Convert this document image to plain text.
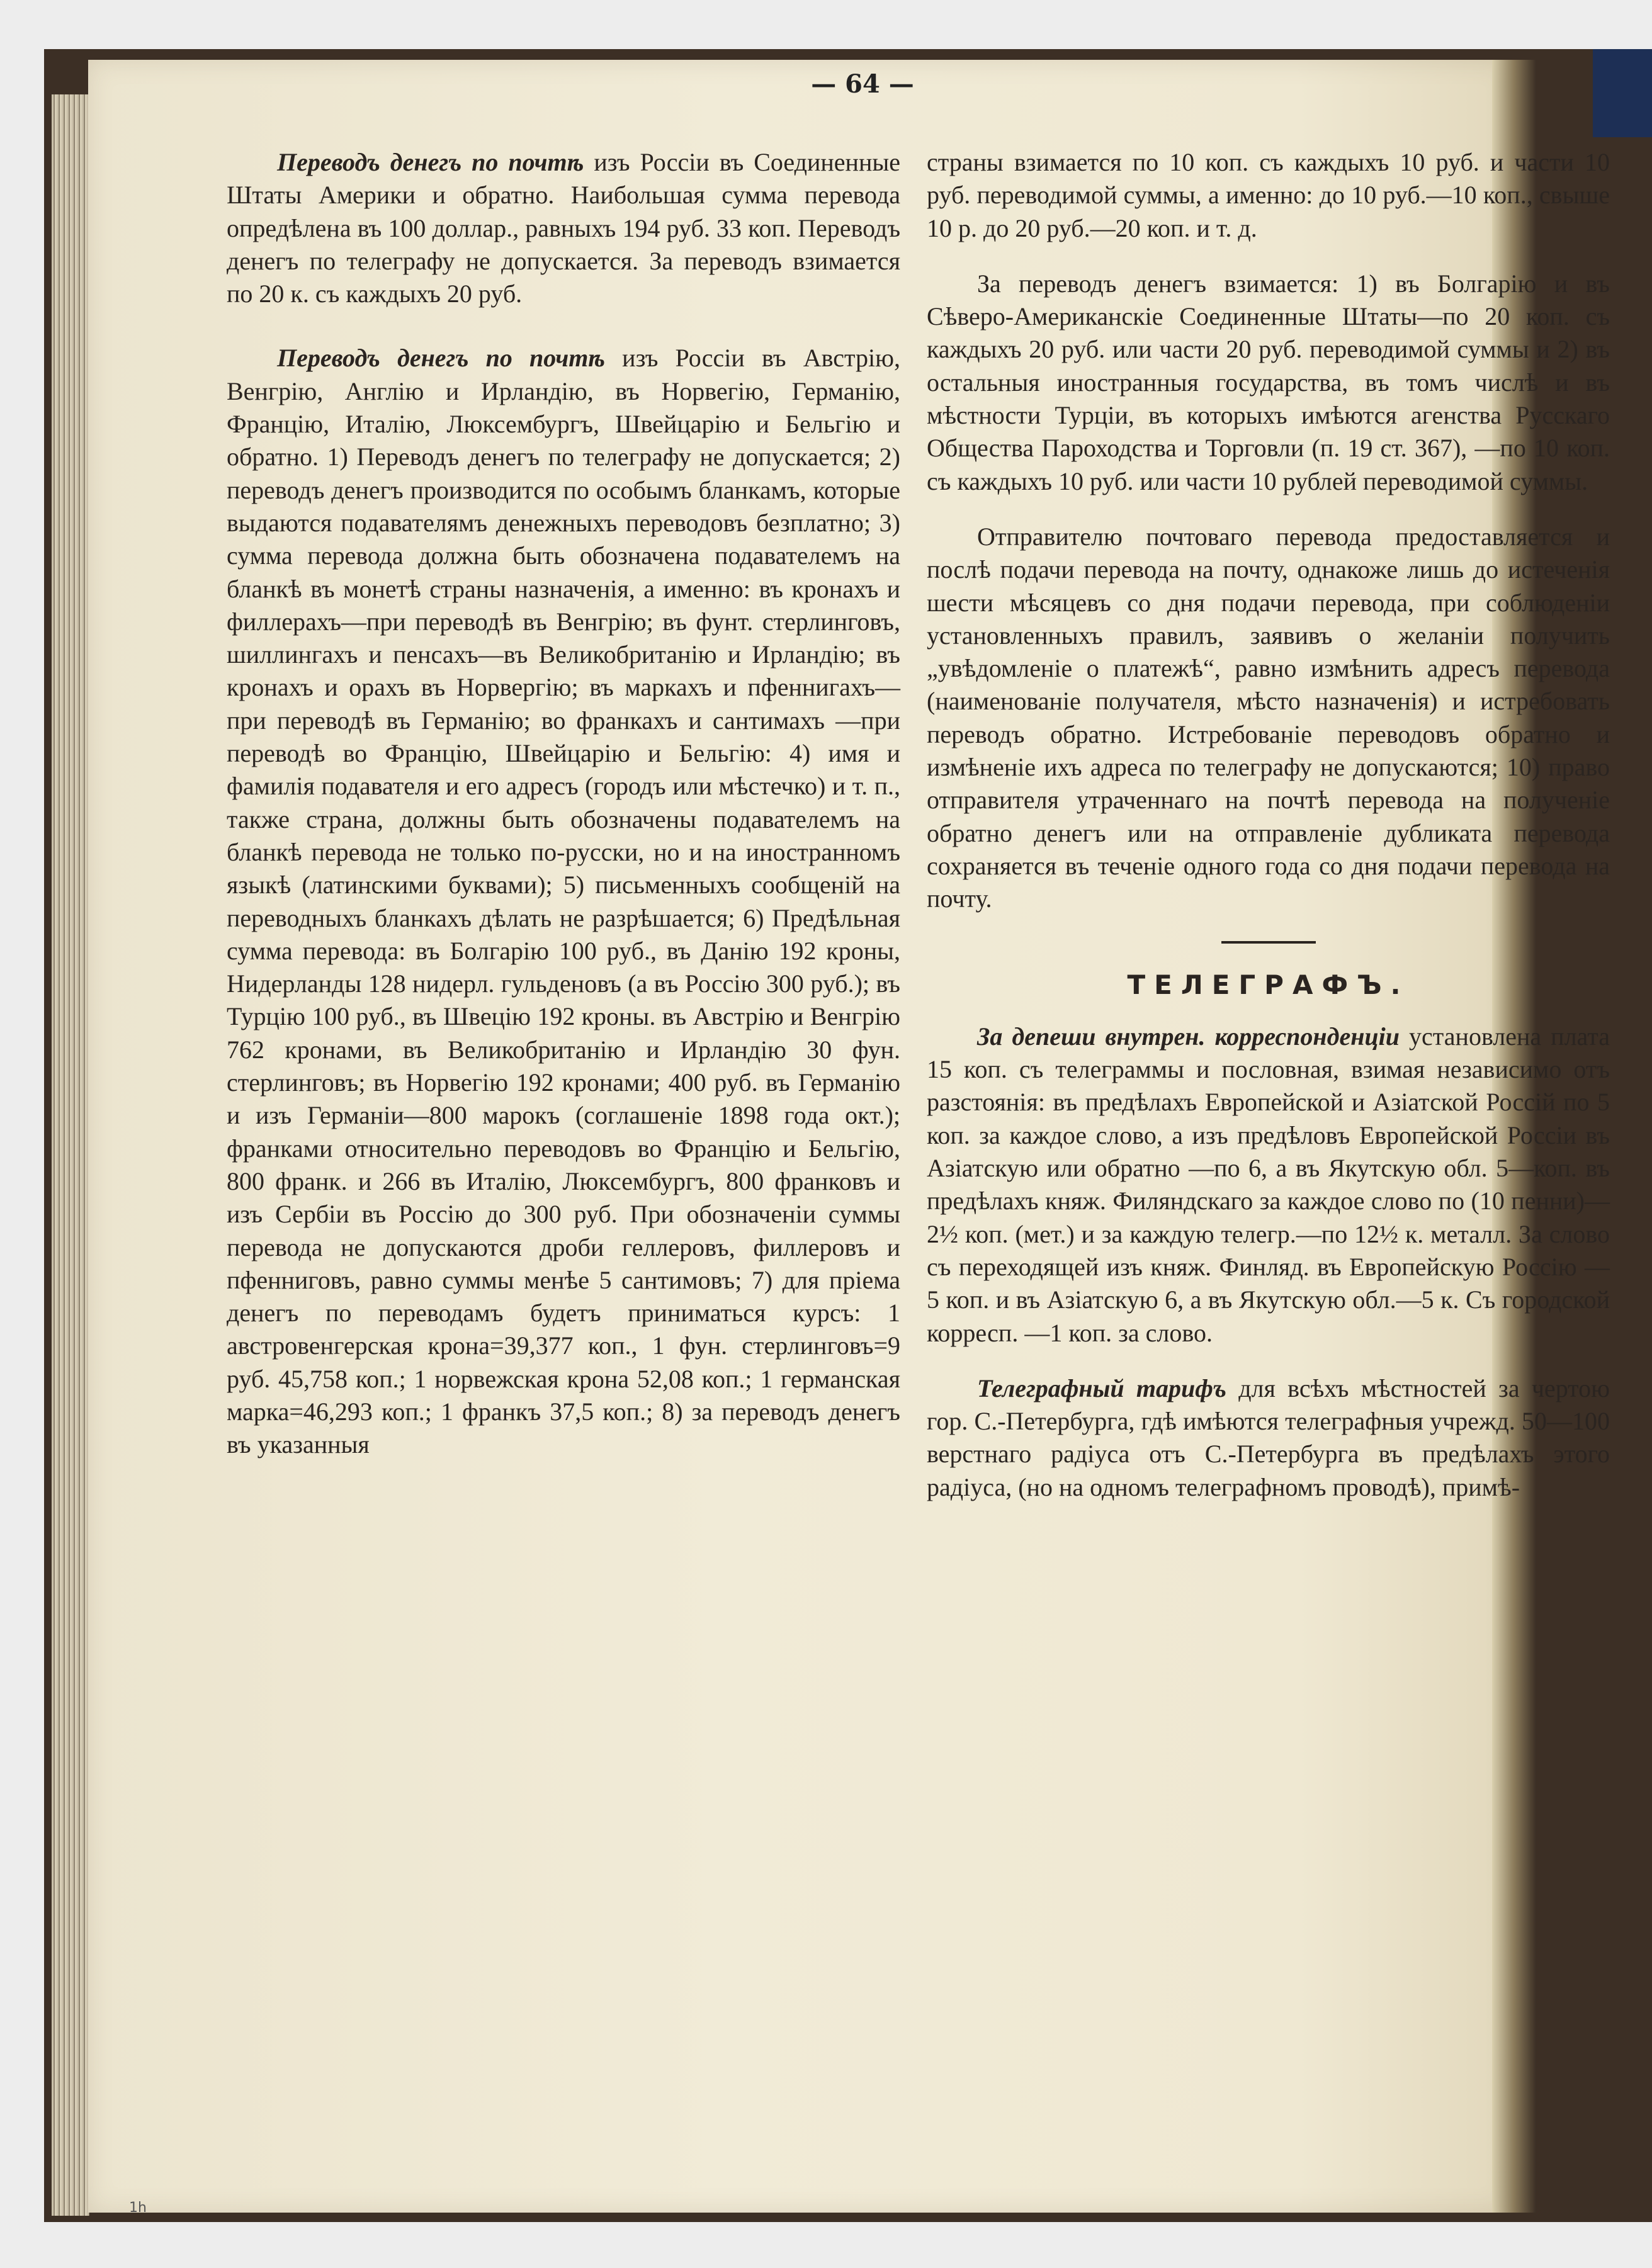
— 64 —

Переводъ денегъ по почтѣ изъ Россіи въ Соединенные Штаты Америки и обратно. Наибольшая сумма перевода опредѣлена въ 100 доллар., равныхъ 194 руб. 33 коп. Переводъ денегъ по телеграфу не допускается. За переводъ взимается по 20 к. съ каждыхъ 20 руб.

Переводъ денегъ по почтѣ изъ Россіи въ Австрію, Венгрію, Англію и Ирландію, въ Норвегію, Германію, Францію, Италію, Люксембургъ, Швейцарію и Бельгію и обратно. 1) Переводъ денегъ по телеграфу не допускается; 2) переводъ денегъ производится по особымъ бланкамъ, которые выдаются подавателямъ денежныхъ переводовъ безплатно; 3) сумма перевода должна быть обозначена подавателемъ на бланкѣ въ монетѣ страны назначенія, а именно: въ кронахъ и филлерахъ—при переводѣ въ Венгрію; въ фунт. стерлинговъ, шиллингахъ и пенсахъ—въ Великобританію и Ирландію; въ кронахъ и орахъ въ Норвергію; въ маркахъ и пфеннигахъ—при переводѣ въ Германію; во франкахъ и сантимахъ —при переводѣ во Францію, Швейцарію и Бельгію: 4) имя и фамилія подавателя и его адресъ (городъ или мѣстечко) и т. п., также страна, должны быть обозначены подавателемъ на бланкѣ перевода не только по-русски, но и на иностранномъ языкѣ (латинскими буквами); 5) письменныхъ сообщеній на переводныхъ бланкахъ дѣлать не разрѣшается; 6) Предѣльная сумма перевода: въ Болгарію 100 руб., въ Данію 192 кроны, Нидерланды 128 нидерл. гульденовъ (а въ Россію 300 руб.); въ Турцію 100 руб., въ Швецію 192 кроны. въ Австрію и Венгрію 762 кронами, въ Великобританію и Ирландію 30 фун. стерлинговъ; въ Норвегію 192 кронами; 400 руб. въ Германію и изъ Германіи—800 марокъ (соглашеніе 1898 года окт.); франками относительно переводовъ во Францію и Бельгію, 800 франк. и 266 въ Италію, Люксембургъ, 800 франковъ и изъ Сербіи въ Россію до 300 руб. При обозначеніи суммы перевода не допускаются дроби геллеровъ, филлеровъ и пфенниговъ, равно суммы менѣе 5 сантимовъ; 7) для пріема денегъ по переводамъ будетъ приниматься курсъ: 1 австровенгерская крона=39,377 коп., 1 фун. стерлинговъ=9 руб. 45,758 коп.; 1 норвежская крона 52,08 коп.; 1 германская марка=46,293 коп.; 1 франкъ 37,5 коп.; 8) за переводъ денегъ въ указанныя

страны взимается по 10 коп. съ каждыхъ 10 руб. и части 10 руб. переводимой суммы, а именно: до 10 руб.—10 коп., свыше 10 р. до 20 руб.—20 коп. и т. д.

За переводъ денегъ взимается: 1) въ Болгарію и въ Сѣверо-Американскіе Соединенные Штаты—по 20 коп. съ каждыхъ 20 руб. или части 20 руб. переводимой суммы и 2) въ остальныя иностранныя государства, въ томъ числѣ и въ мѣстности Турціи, въ которыхъ имѣются агенства Русскаго Общества Пароходства и Торговли (п. 19 ст. 367), —по 10 коп. съ каждыхъ 10 руб. или части 10 рублей переводимой суммы.

Отправителю почтоваго перевода предоставляется и послѣ подачи перевода на почту, однакоже лишь до истеченія шести мѣсяцевъ со дня подачи перевода, при соблюденіи установленныхъ правилъ, заявивъ о желаніи получить „увѣдомленіе о платежѣ“, равно измѣнить адресъ перевода (наименованіе получателя, мѣсто назначенія) и истребовать переводъ обратно. Истребованіе переводовъ обратно и измѣненіе ихъ адреса по телеграфу не допускаются; 10) право отправителя утраченнаго на почтѣ перевода на полученіе обратно денегъ или на отправленіе дубликата перевода сохраняется въ теченіе одного года со дня подачи перевода на почту.

ТЕЛЕГРАФЪ.

За депеши внутрен. корреспонденціи установлена плата 15 коп. съ телеграммы и пословная, взимая независимо отъ разстоянія: въ предѣлахъ Европейской и Азіатской Россій по 5 коп. за каждое слово, а изъ предѣловъ Европейской Россіи въ Азіатскую или обратно —по 6, а въ Якутскую обл. 5—коп. въ предѣлахъ княж. Филяндскаго за каждое слово по (10 пенни)—2½ коп. (мет.) и за каждую телегр.—по 12½ к. металл. За слово съ переходящей изъ княж. Финляд. въ Европейскую Россію —5 коп. и въ Азіатскую 6, а въ Якутскую обл.—5 к. Съ городской корресп. —1 коп. за слово.

Телеграфный тарифъ для всѣхъ мѣстностей за чертою гор. С.-Петербурга, гдѣ имѣются телеграфныя учрежд. 50—100 верстнаго радіуса отъ С.-Петербурга въ предѣлахъ этого радіуса, (но на одномъ телеграфномъ проводѣ), примѣ-

1h
